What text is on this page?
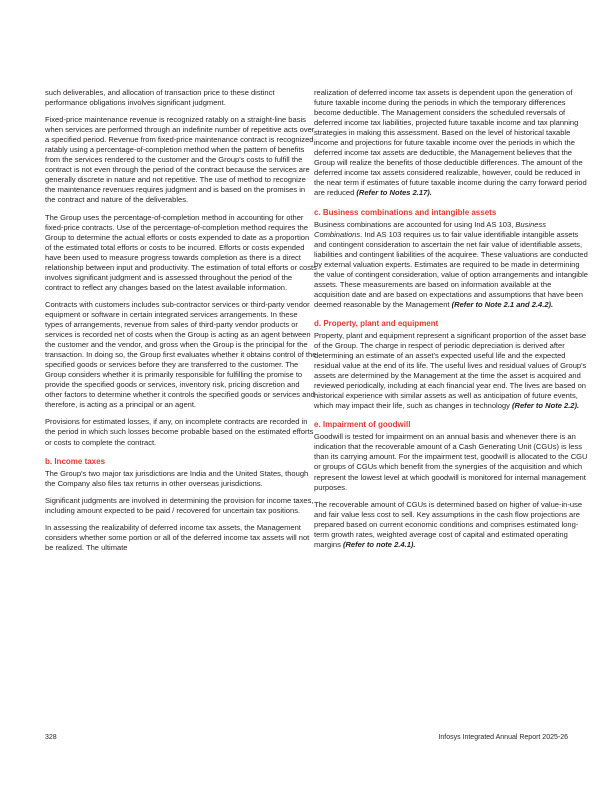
such deliverables, and allocation of transaction price to these distinct performance obligations involves significant judgment.

Fixed-price maintenance revenue is recognized ratably on a straight-line basis when services are performed through an indefinite number of repetitive acts over a specified period. Revenue from fixed-price maintenance contract is recognized ratably using a percentage-of-completion method when the pattern of benefits from the services rendered to the customer and the Group's costs to fulfill the contract is not even through the period of the contract because the services are generally discrete in nature and not repetitive. The use of method to recognize the maintenance revenues requires judgment and is based on the promises in the contract and nature of the deliverables.

The Group uses the percentage-of-completion method in accounting for other fixed-price contracts. Use of the percentage-of-completion method requires the Group to determine the actual efforts or costs expended to date as a proportion of the estimated total efforts or costs to be incurred. Efforts or costs expended have been used to measure progress towards completion as there is a direct relationship between input and productivity. The estimation of total efforts or costs involves significant judgment and is assessed throughout the period of the contract to reflect any changes based on the latest available information.

Contracts with customers includes sub-contractor services or third-party vendor equipment or software in certain integrated services arrangements. In these types of arrangements, revenue from sales of third-party vendor products or services is recorded net of costs when the Group is acting as an agent between the customer and the vendor, and gross when the Group is the principal for the transaction. In doing so, the Group first evaluates whether it obtains control of the specified goods or services before they are transferred to the customer. The Group considers whether it is primarily responsible for fulfilling the promise to provide the specified goods or services, inventory risk, pricing discretion and other factors to determine whether it controls the specified goods or services and therefore, is acting as a principal or an agent.

Provisions for estimated losses, if any, on incomplete contracts are recorded in the period in which such losses become probable based on the estimated efforts or costs to complete the contract.

b. Income taxes

The Group's two major tax jurisdictions are India and the United States, though the Company also files tax returns in other overseas jurisdictions.

Significant judgments are involved in determining the provision for income taxes, including amount expected to be paid / recovered for uncertain tax positions.

In assessing the realizability of deferred income tax assets, the Management considers whether some portion or all of the deferred income tax assets will not be realized. The ultimate

realization of deferred income tax assets is dependent upon the generation of future taxable income during the periods in which the temporary differences become deductible. The Management considers the scheduled reversals of deferred income tax liabilities, projected future taxable income and tax planning strategies in making this assessment. Based on the level of historical taxable income and projections for future taxable income over the periods in which the deferred income tax assets are deductible, the Management believes that the Group will realize the benefits of those deductible differences. The amount of the deferred income tax assets considered realizable, however, could be reduced in the near term if estimates of future taxable income during the carry forward period are reduced (Refer to Notes 2.17).

c. Business combinations and intangible assets

Business combinations are accounted for using Ind AS 103, Business Combinations. Ind AS 103 requires us to fair value identifiable intangible assets and contingent consideration to ascertain the net fair value of identifiable assets, liabilities and contingent liabilities of the acquiree. These valuations are conducted by external valuation experts. Estimates are required to be made in determining the value of contingent consideration, value of option arrangements and intangible assets. These measurements are based on information available at the acquisition date and are based on expectations and assumptions that have been deemed reasonable by the Management (Refer to Note 2.1 and 2.4.2).

d. Property, plant and equipment

Property, plant and equipment represent a significant proportion of the asset base of the Group. The charge in respect of periodic depreciation is derived after determining an estimate of an asset's expected useful life and the expected residual value at the end of its life. The useful lives and residual values of Group's assets are determined by the Management at the time the asset is acquired and reviewed periodically, including at each financial year end. The lives are based on historical experience with similar assets as well as anticipation of future events, which may impact their life, such as changes in technology (Refer to Note 2.2).

e. Impairment of goodwill

Goodwill is tested for impairment on an annual basis and whenever there is an indication that the recoverable amount of a Cash Generating Unit (CGUs) is less than its carrying amount. For the impairment test, goodwill is allocated to the CGU or groups of CGUs which benefit from the synergies of the acquisition and which represent the lowest level at which goodwill is monitored for internal management purposes.

The recoverable amount of CGUs is determined based on higher of value-in-use and fair value less cost to sell. Key assumptions in the cash flow projections are prepared based on current economic conditions and comprises estimated long-term growth rates, weighted average cost of capital and estimated operating margins (Refer to note 2.4.1).

328	Infosys Integrated Annual Report 2025-26
